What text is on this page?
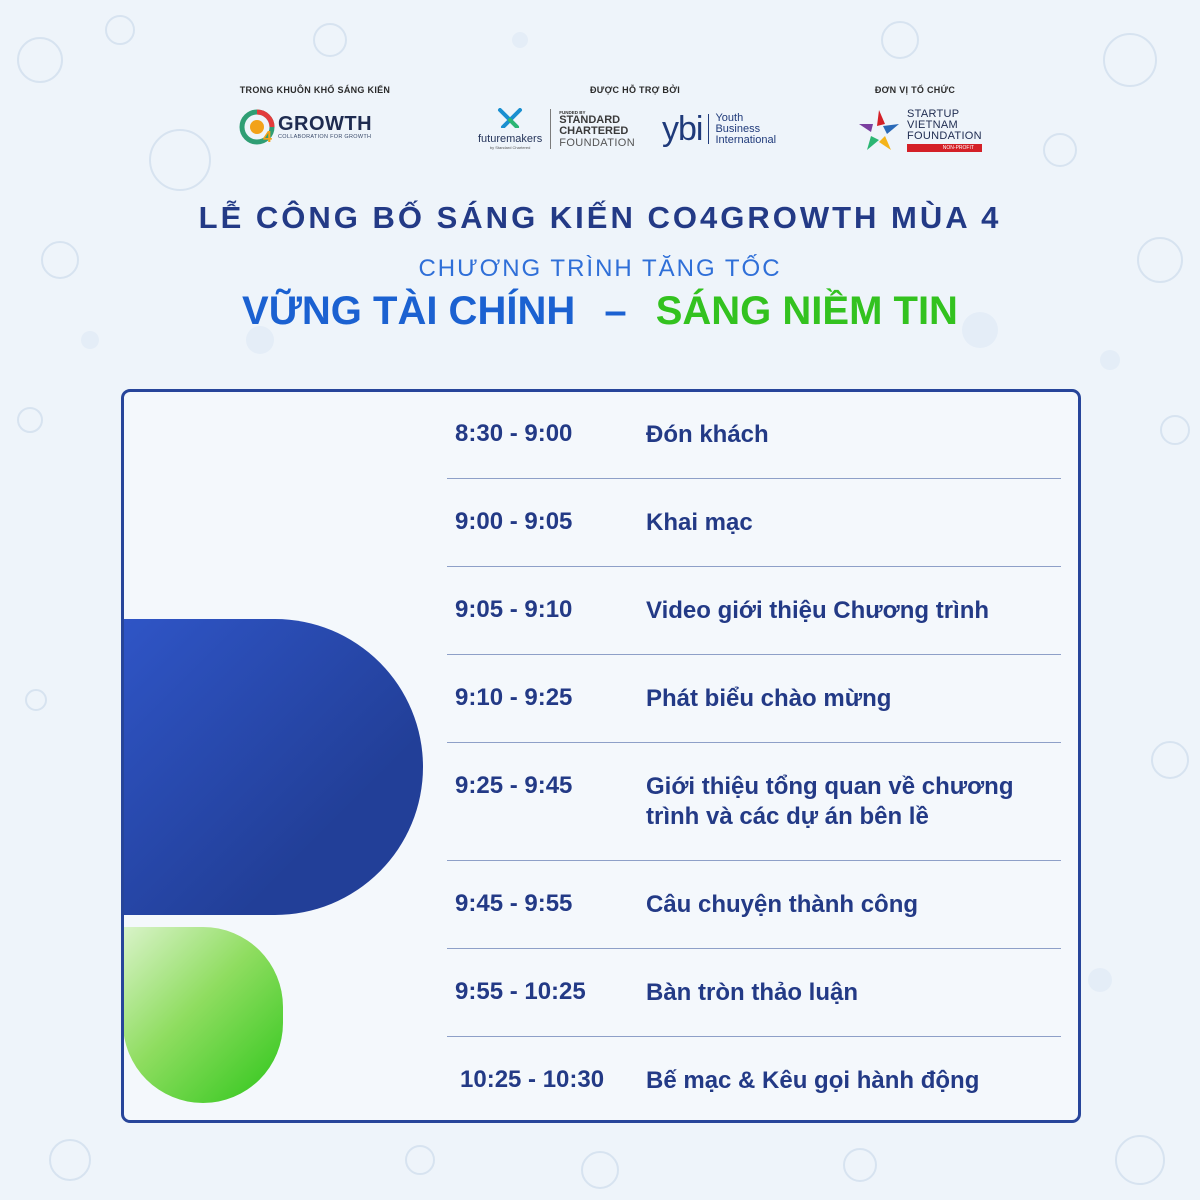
TRONG KHUÔN KHỔ SÁNG KIẾN	ĐƯỢC HỖ TRỢ BỞI	ĐƠN VỊ TỔ CHỨC
4
GROWTH
COLLABORATION FOR GROWTH	futuremakers
by Standard Chartered
FUNDED BY
STANDARD
CHARTERED
FOUNDATION ybi Youth
Business
International
STARTUP
VIETNAM
FOUNDATION
NON-PROFIT
LỄ CÔNG BỐ SÁNG KIẾN CO4GROWTH MÙA 4
CHƯƠNG TRÌNH TĂNG TỐC
VỮNG TÀI CHÍNH – SÁNG NIỀM TIN
8:30 - 9:00	Đón khách
9:00 - 9:05	Khai mạc
9:05 - 9:10	Video giới thiệu Chương trình
9:10 - 9:25	Phát biểu chào mừng
9:25 - 9:45	Giới thiệu tổng quan về chương trình và các dự án bên lề
9:45 - 9:55	Câu chuyện thành công
9:55 - 10:25	Bàn tròn thảo luận
10:25 - 10:30 Bế mạc & Kêu gọi hành động
